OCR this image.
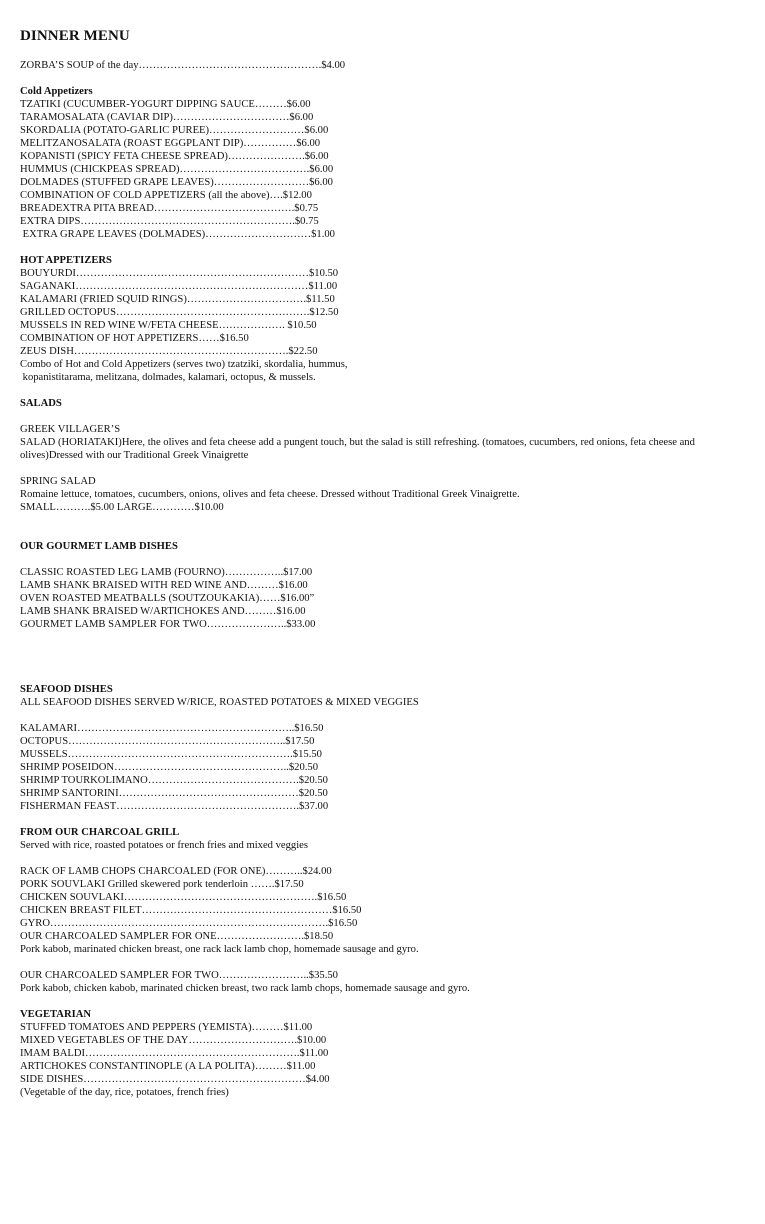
DINNER MENU
ZORBA’S SOUP of the day…………………………………………….$4.00
Cold Appetizers
TZATIKI (CUCUMBER-YOGURT DIPPING SAUCE………$6.00
TARAMOSALATA (CAVIAR DIP)……………………………$6.00
SKORDALIA (POTATO-GARLIC PUREE)………………………$6.00
MELITZANOSALATA (ROAST EGGPLANT DIP)……………$6.00
KOPANISTI (SPICY FETA CHEESE SPREAD)………………….$6.00
HUMMUS (CHICKPEAS SPREAD)……………………………….$6.00
DOLMADES (STUFFED GRAPE LEAVES)………………………$6.00
COMBINATION OF COLD APPETIZERS (all the above)….$12.00
BREADEXTRA PITA BREAD………………………………….$0.75
EXTRA DIPS…………………………………………………….$0.75
EXTRA GRAPE LEAVES (DOLMADES)…………………………$1.00
HOT APPETIZERS
BOUYURDI…………………………………………………………$10.50
SAGANAKI…………………………………………………………$11.00
KALAMARI (FRIED SQUID RINGS)…………………………….$11.50
GRILLED OCTOPUS……………………………………………….$12.50
MUSSELS IN RED WINE W/FETA CHEESE………………. $10.50
COMBINATION OF HOT APPETIZERS……$16.50
ZEUS DISH…………………………………………………….$22.50
Combo of Hot and Cold Appetizers (serves two) tzatziki, skordalia, hummus,
kopanistitarama, melitzana, dolmades, kalamari, octopus, & mussels.
SALADS
GREEK VILLAGER’S
SALAD (HORIATAKI)Here, the olives and feta cheese add a pungent touch, but the salad is still refreshing. (tomatoes, cucumbers, red onions, feta cheese and olives)Dressed with our Traditional Greek Vinaigrette
SPRING SALAD
Romaine lettuce, tomatoes, cucumbers, onions, olives and feta cheese. Dressed without Traditional Greek Vinaigrette.
SMALL……….$5.00 LARGE…………$10.00
OUR GOURMET LAMB DISHES
CLASSIC ROASTED LEG LAMB (FOURNO)……………..$17.00
LAMB SHANK BRAISED WITH RED WINE AND………$16.00
OVEN ROASTED MEATBALLS (SOUTZOUKAKIA)……$16.00”
LAMB SHANK BRAISED W/ARTICHOKES AND………$16.00
GOURMET LAMB SAMPLER FOR TWO…………………..$33.00
SEAFOOD DISHES
ALL SEAFOOD DISHES SERVED W/RICE, ROASTED POTATOES & MIXED VEGGIES
KALAMARI……………………………………………………..$16.50
OCTOPUS……………………………………………………..$17.50
MUSSELS……………………………………………………….$15.50
SHRIMP POSEIDON…………………………………………..$20.50
SHRIMP TOURKOLIMANO…………………………………….$20.50
SHRIMP SANTORINI……………………………………………$20.50
FISHERMAN FEAST…………………………………………….$37.00
FROM OUR CHARCOAL GRILL
Served with rice, roasted potatoes or french fries and mixed veggies
RACK OF LAMB CHOPS CHARCOALED (FOR ONE)………..$24.00
PORK SOUVLAKI Grilled skewered pork tenderloin …….$17.50
CHICKEN SOUVLAKI……………………………………………….$16.50
CHICKEN BREAST FILET………………………………………………$16.50
GYRO…………………………………………………………………….$16.50
OUR CHARCOALED SAMPLER FOR ONE…………………….$18.50
Pork kabob, marinated chicken breast, one rack lack lamb chop, homemade sausage and gyro.
OUR CHARCOALED SAMPLER FOR TWO……………………..$35.50
Pork kabob, chicken kabob, marinated chicken breast, two rack lamb chops, homemade sausage and gyro.
VEGETARIAN
STUFFED TOMATOES AND PEPPERS (YEMISTA)………$11.00
MIXED VEGETABLES OF THE DAY………………………….$10.00
IMAM BALDI…………………………………………………….$11.00
ARTICHOKES CONSTANTINOPLE (A LA POLITA)………$11.00
SIDE DISHES………………………………………………………$4.00
(Vegetable of the day, rice, potatoes, french fries)
